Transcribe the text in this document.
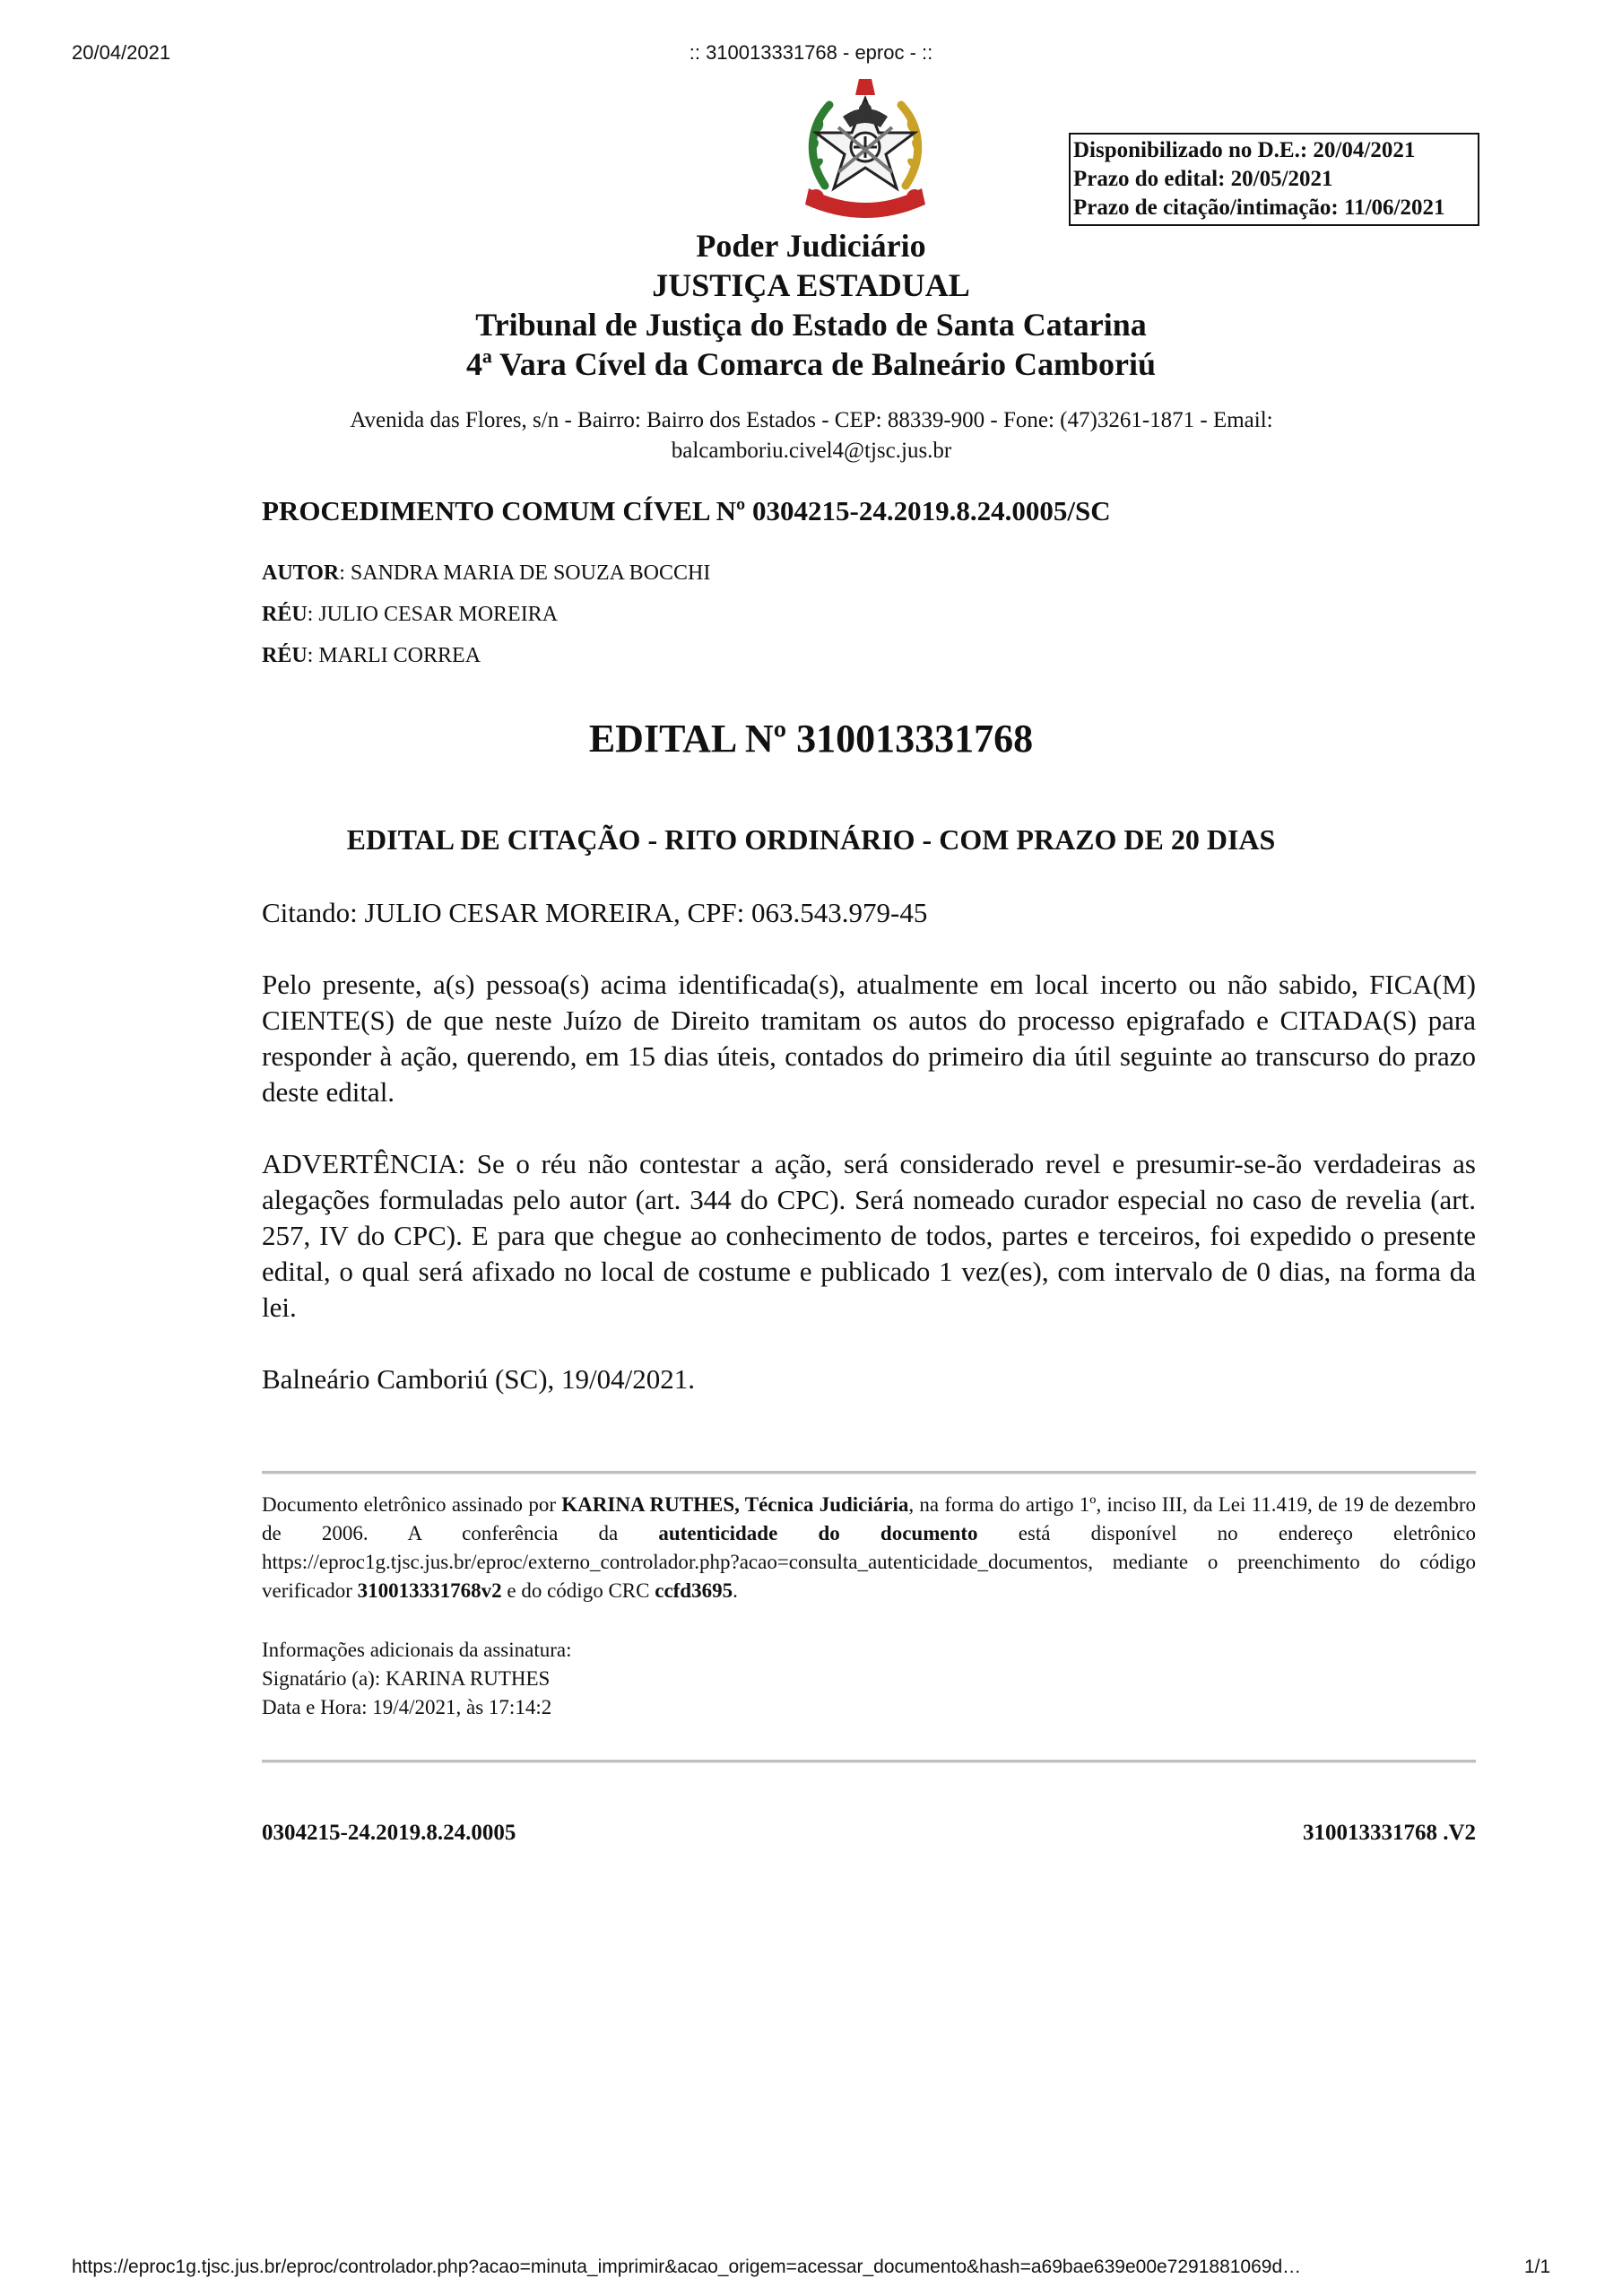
20/04/2021	:: 310013331768 - eproc - ::
Disponibilizado no D.E.: 20/04/2021
Prazo do edital: 20/05/2021
Prazo de citação/intimação: 11/06/2021
Poder Judiciário
JUSTIÇA ESTADUAL
Tribunal de Justiça do Estado de Santa Catarina
4ª Vara Cível da Comarca de Balneário Camboriú
Avenida das Flores, s/n - Bairro: Bairro dos Estados - CEP: 88339-900 - Fone: (47)3261-1871 - Email:
balcamboriu.civel4@tjsc.jus.br
PROCEDIMENTO COMUM CÍVEL Nº 0304215-24.2019.8.24.0005/SC
AUTOR: SANDRA MARIA DE SOUZA BOCCHI
RÉU: JULIO CESAR MOREIRA
RÉU: MARLI CORREA
EDITAL Nº 310013331768
EDITAL DE CITAÇÃO - RITO ORDINÁRIO - COM PRAZO DE 20 DIAS
Citando: JULIO CESAR MOREIRA, CPF: 063.543.979-45
Pelo presente, a(s) pessoa(s) acima identificada(s), atualmente em local incerto ou não sabido, FICA(M) CIENTE(S) de que neste Juízo de Direito tramitam os autos do processo epigrafado e CITADA(S) para responder à ação, querendo, em 15 dias úteis, contados do primeiro dia útil seguinte ao transcurso do prazo deste edital.
ADVERTÊNCIA: Se o réu não contestar a ação, será considerado revel e presumir-se-ão verdadeiras as alegações formuladas pelo autor (art. 344 do CPC). Será nomeado curador especial no caso de revelia (art. 257, IV do CPC). E para que chegue ao conhecimento de todos, partes e terceiros, foi expedido o presente edital, o qual será afixado no local de costume e publicado 1 vez(es), com intervalo de 0 dias, na forma da lei.
Balneário Camboriú (SC), 19/04/2021.
Documento eletrônico assinado por KARINA RUTHES, Técnica Judiciária, na forma do artigo 1º, inciso III, da Lei 11.419, de 19 de dezembro de 2006. A conferência da autenticidade do documento está disponível no endereço eletrônico https://eproc1g.tjsc.jus.br/eproc/externo_controlador.php?acao=consulta_autenticidade_documentos, mediante o preenchimento do código verificador 310013331768v2 e do código CRC ccfd3695.
Informações adicionais da assinatura:
Signatário (a): KARINA RUTHES
Data e Hora: 19/4/2021, às 17:14:2
0304215-24.2019.8.24.0005	310013331768 .V2
https://eproc1g.tjsc.jus.br/eproc/controlador.php?acao=minuta_imprimir&acao_origem=acessar_documento&hash=a69bae639e00e7291881069d…	1/1
